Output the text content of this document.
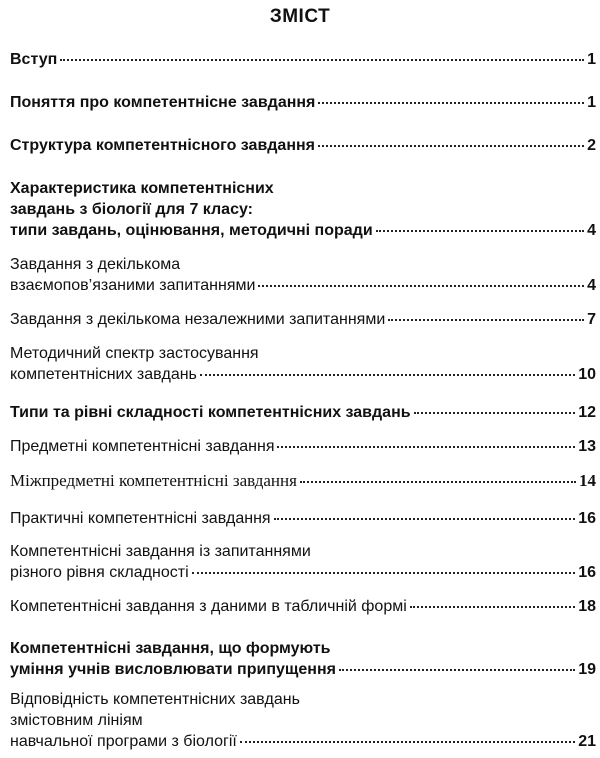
ЗМІСТ
Вступ	1
Поняття про компетентнісне завдання	1
Структура компетентнісного завдання	2
Характеристика компетентнісних
завдань з біології для 7 класу:
типи завдань, оцінювання, методичні поради	4
Завдання з декількома
взаємопов’язаними запитаннями	4
Завдання з декількома незалежними запитаннями	7
Методичний спектр застосування
компетентнісних завдань	10
Типи та рівні складності компетентнісних завдань	12
Предметні компетентнісні завдання	13
Міжпредметні компетентнісні завдання	14
Практичні компетентнісні завдання	16
Компетентнісні завдання із запитаннями
різного рівня складності	16
Компетентнісні завдання з даними в табличній формі	18
Компетентнісні завдання, що формують
уміння учнів висловлювати припущення	19
Відповідність компетентнісних завдань
змістовним лініям
навчальної програми з біології	21
